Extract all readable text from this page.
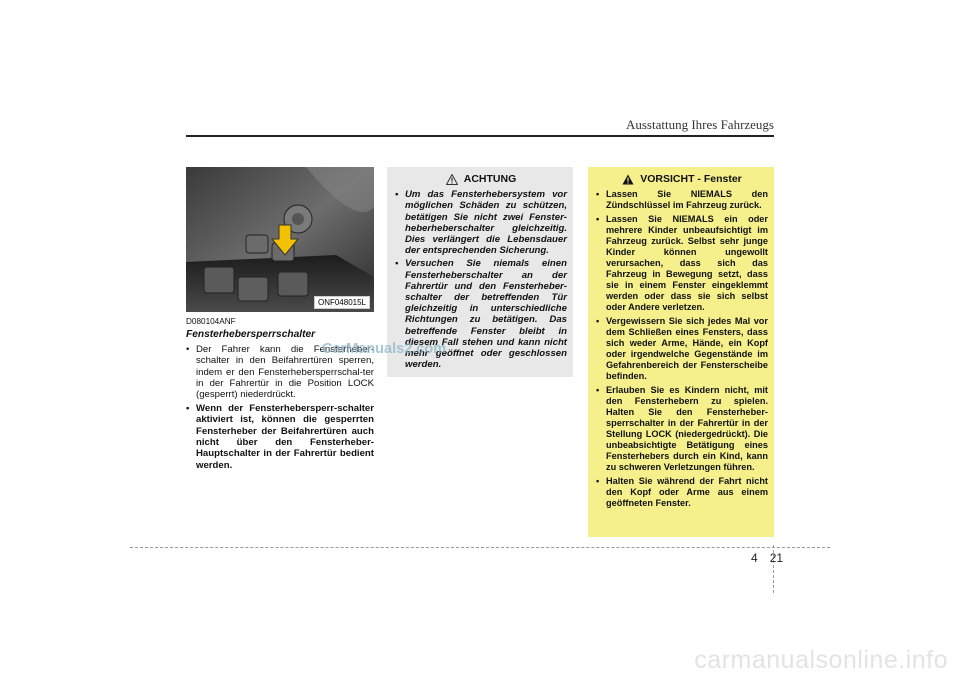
Ausstattung Ihres Fahrzeugs
ONF048015L
D080104ANF
Fensterhebersperrschalter
• Der Fahrer kann die Fensterheber-schalter in den Beifahrertüren sperren, indem er den Fensterhebersperrschal-ter in der Fahrertür in die Position LOCK (gesperrt) niederdrückt.
• Wenn der Fensterhebersperr-schalter aktiviert ist, können die gesperrten Fensterheber der Beifahrertüren auch nicht über den Fensterheber-Hauptschalter in der Fahrertür bedient werden.
ACHTUNG
• Um das Fensterhebersystem vor möglichen Schäden zu schützen, betätigen Sie nicht zwei Fenster-heberheberschalter gleichzeitig. Dies verlängert die Lebensdauer der entsprechenden Sicherung.
• Versuchen Sie niemals einen Fensterheberschalter an der Fahrertür und den Fensterheber-schalter der betreffenden Tür gleichzeitig in unterschiedliche Richtungen zu betätigen. Das betreffende Fenster bleibt in diesem Fall stehen und kann nicht mehr geöffnet oder geschlossen werden.
VORSICHT - Fenster
• Lassen Sie NIEMALS den Zündschlüssel im Fahrzeug zurück.
• Lassen Sie NIEMALS ein oder mehrere Kinder unbeaufsichtigt im Fahrzeug zurück. Selbst sehr junge Kinder können ungewollt verursachen, dass sich das Fahrzeug in Bewegung setzt, dass sie in einem Fenster eingeklemmt werden oder dass sie sich selbst oder Andere verletzen.
• Vergewissern Sie sich jedes Mal vor dem Schließen eines Fensters, dass sich weder Arme, Hände, ein Kopf oder irgendwelche Gegenstände im Gefahrenbereich der Fensterscheibe befinden.
• Erlauben Sie es Kindern nicht, mit den Fensterhebern zu spielen. Halten Sie den Fensterheber-sperrschalter in der Fahrertür in der Stellung LOCK (niedergedrückt). Die unbeabsichtigte Betätigung eines Fensterhebers durch ein Kind, kann zu schweren Verletzungen führen.
• Halten Sie während der Fahrt nicht den Kopf oder Arme aus einem geöffneten Fenster.
CarManuals2.com
4 21
carmanualsonline.info
